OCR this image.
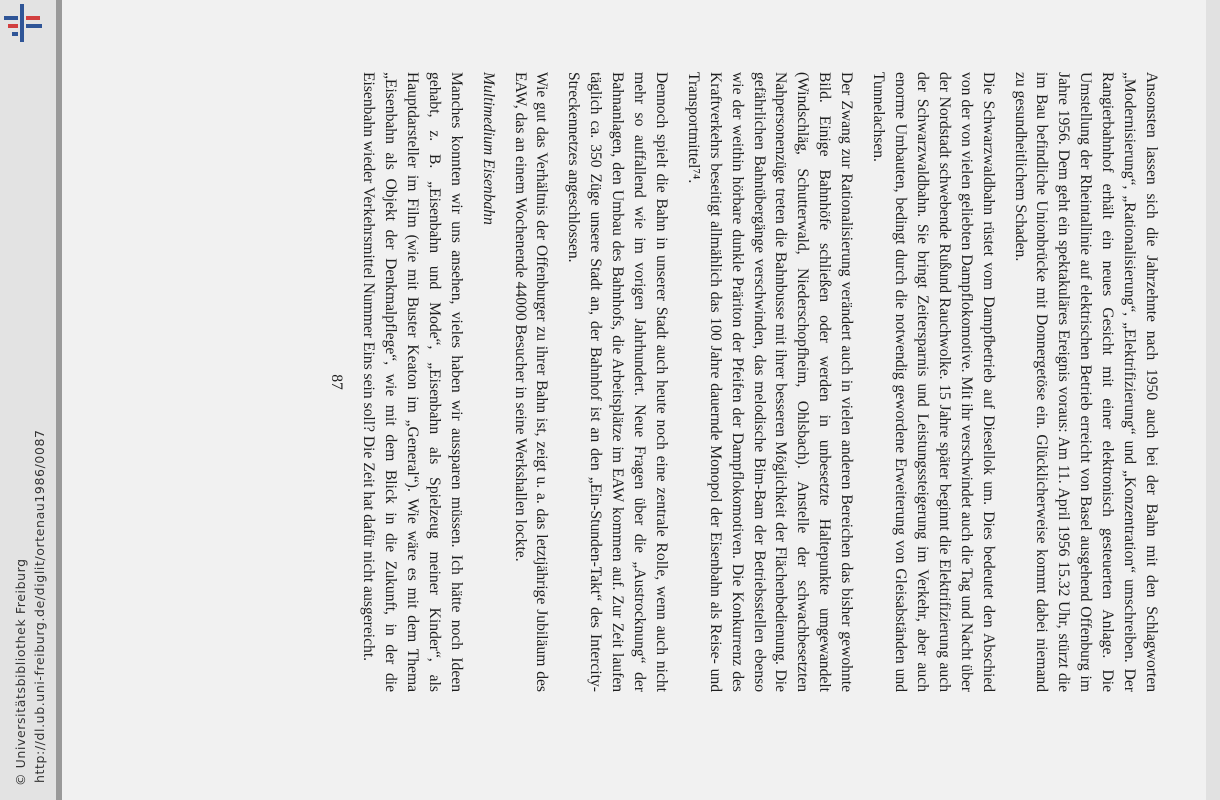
http://dl.ub.uni-freiburg.de/diglit/ortenau1986/0087
© Universitätsbibliothek Freiburg	Ansonsten lassen sich die Jahrzehnte nach 1950 auch bei der Bahn mit den Schlagworten „Modernisierung“, „Rationalisierung“, „Elektrifizierung“ und „Konzentration“ umschreiben. Der Rangierbahnhof erhält ein neues Gesicht mit einer elektronisch gesteuerten Anlage. Die Umstellung der Rheintallinie auf elektrischen Betrieb erreicht von Basel ausgehend Offenburg im Jahre 1956. Dem geht ein spektakuläres Ereignis voraus: Am 11. April 1956 15.32 Uhr, stürzt die im Bau befindliche Unionbrücke mit Donnergetöse ein. Glücklicherweise kommt dabei niemand zu gesundheitlichem Schaden.

Die Schwarzwaldbahn rüstet vom Dampfbetrieb auf Diesellok um. Dies bedeutet den Abschied von der von vielen geliebten Dampflokomotive. Mit ihr verschwindet auch die Tag und Nacht über der Nordstadt schwebende Rußund Rauchwolke. 15 Jahre später beginnt die Elektrifizierung auch der Schwarzwaldbahn. Sie bringt Zeitersparnis und Leistungssteigerung im Verkehr, aber auch enorme Umbauten, bedingt durch die notwendig gewordene Erweiterung von Gleisabständen und Tunnelachsen.

Der Zwang zur Rationalisierung verändert auch in vielen anderen Bereichen das bisher gewohnte Bild. Einige Bahnhöfe schließen oder werden in unbesetzte Haltepunkte umgewandelt (Windschläg, Schutterwald, Niederschopfheim, Ohlsbach). Anstelle der schwachbesetzten Nahpersonenzüge treten die Bahnbusse mit ihrer besseren Möglichkeit der Flächenbedienung. Die gefährlichen Bahnübergänge verschwinden, das melodische Bim-Bam der Betriebsstellen ebenso wie der weithin hörbare dunkle Präriton der Pfeifen der Dampflokomotiven. Die Konkurrenz des Kraftverkehrs beseitigt allmählich das 100 Jahre dauernde Monopol der Eisenbahn als Reise- und Transportmittel⁷⁴.

Dennoch spielt die Bahn in unserer Stadt auch heute noch eine zentrale Rolle, wenn auch nicht mehr so auffallend wie im vorigen Jahrhundert. Neue Fragen über die „Austrocknung“ der Bahnanlagen, den Umbau des Bahnhofs, die Arbeitsplätze im EAW kommen auf. Zur Zeit laufen täglich ca. 350 Züge unsere Stadt an, der Bahnhof ist an den „Ein-Stunden-Takt“ des Intercity-Streckennetzes angeschlossen.

Wie gut das Verhältnis der Offenburger zu ihrer Bahn ist, zeigt u. a. das letztjährige Jubiläum des EAW, das an einem Wochenende 44000 Besucher in seine Werkshallen lockte.

Multimedium Eisenbahn

Manches konnten wir uns ansehen, vieles haben wir aussparen müssen. Ich hätte noch Ideen gehabt, z. B. „Eisenbahn und Mode“, „Eisenbahn als Spielzeug meiner Kinder“, als Hauptdarsteller im Film (wie mit Buster Keaton im „General“). Wie wäre es mit dem Thema „Eisenbahn als Objekt der Denkmalpflege“, wie mit dem Blick in die Zukunft, in der die Eisenbahn wieder Verkehrsmittel Nummer Eins sein soll? Die Zeit hat dafür nicht ausgereicht.

87
